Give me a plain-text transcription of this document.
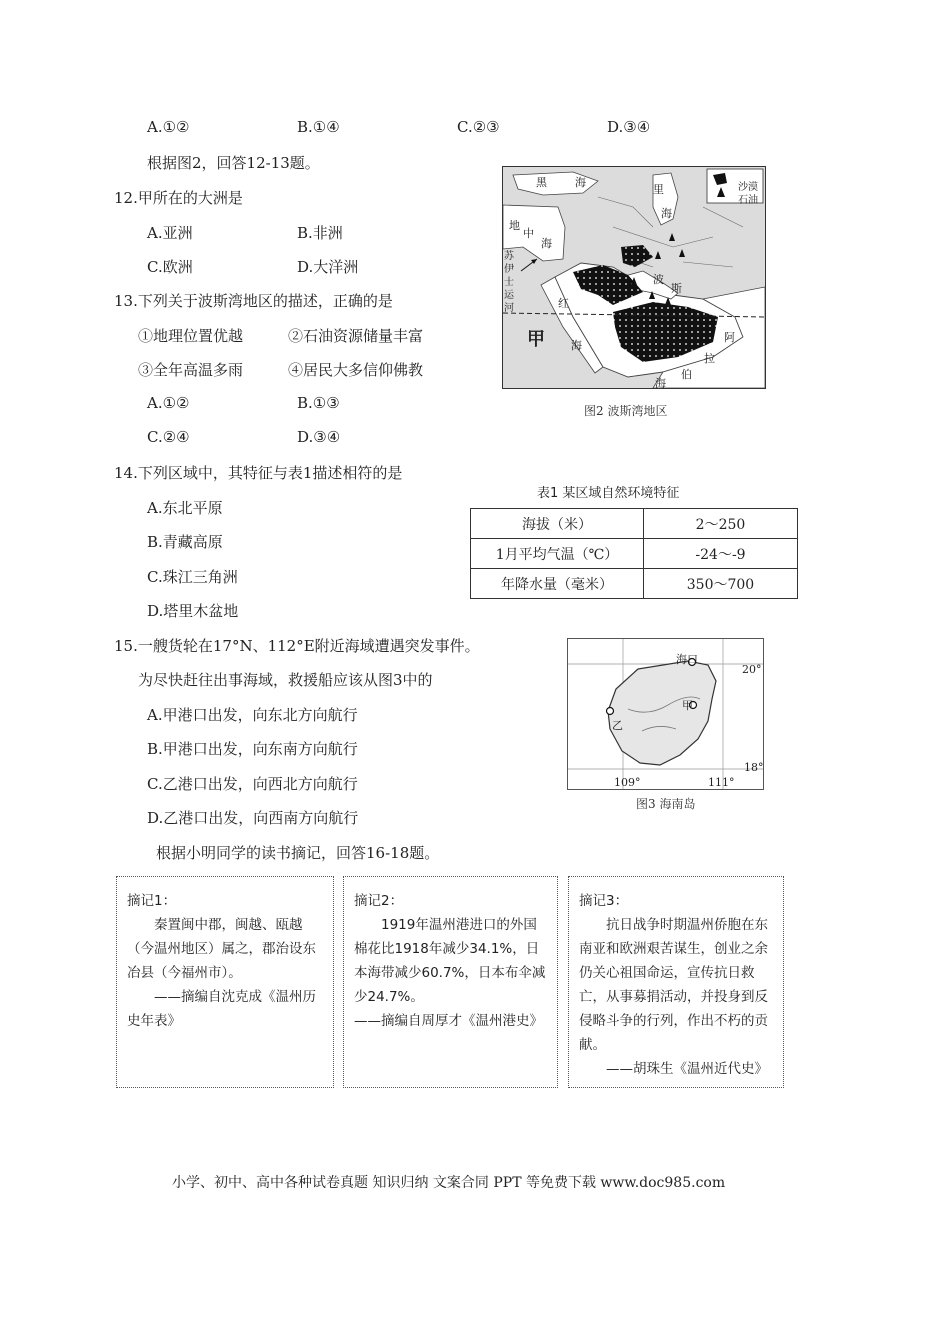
A.①②	B.①④	C.②③	D.③④
根据图2，回答12-13题。
12.甲所在的大洲是
A.亚洲	B.非洲
C.欧洲	D.大洋洲
13.下列关于波斯湾地区的描述，正确的是
①地理位置优越	②石油资源储量丰富
③全年高温多雨	④居民大多信仰佛教
A.①②	B.①③
C.②④	D.③④
14.下列区域中，其特征与表1描述相符的是
A.东北平原
B.青藏高原
C.珠江三角洲
D.塔里木盆地
15.一艘货轮在17°N、112°E附近海域遭遇突发事件。
为尽快赶往出事海域，救援船应该从图3中的
A.甲港口出发，向东北方向航行
B.甲港口出发，向东南方向航行
C.乙港口出发，向西北方向航行
D.乙港口出发，向西南方向航行
根据小明同学的读书摘记，回答16-18题。
沙漠
石油
黑	海
里
海
地
中
海
苏
伊
士
运
河
波
斯
红
海
甲	阿
拉
伯
海
图2 波斯湾地区
表1 某区域自然环境特征
海拔（米）	2～250
1月平均气温（℃）	-24～-9
年降水量（毫米）	350～700
海口
20°
甲
乙
18°
109°	111°
图3 海南岛

摘记1：

秦置闽中郡，闽越、瓯越（今温州地区）属之，郡治设东冶县（今福州市）。

——摘编自沈克成《温州历史年表》

摘记2：

1919年温州港进口的外国棉花比1918年减少34.1%，日本海带减少60.7%，日本布伞减少24.7%。

——摘编自周厚才《温州港史》

摘记3：

抗日战争时期温州侨胞在东南亚和欧洲艰苦谋生，创业之余仍关心祖国命运，宣传抗日救亡，从事募捐活动，并投身到反侵略斗争的行列，作出不朽的贡献。

——胡珠生《温州近代史》

小学、初中、高中各种试卷真题 知识归纳 文案合同 PPT 等免费下载 www.doc985.com
